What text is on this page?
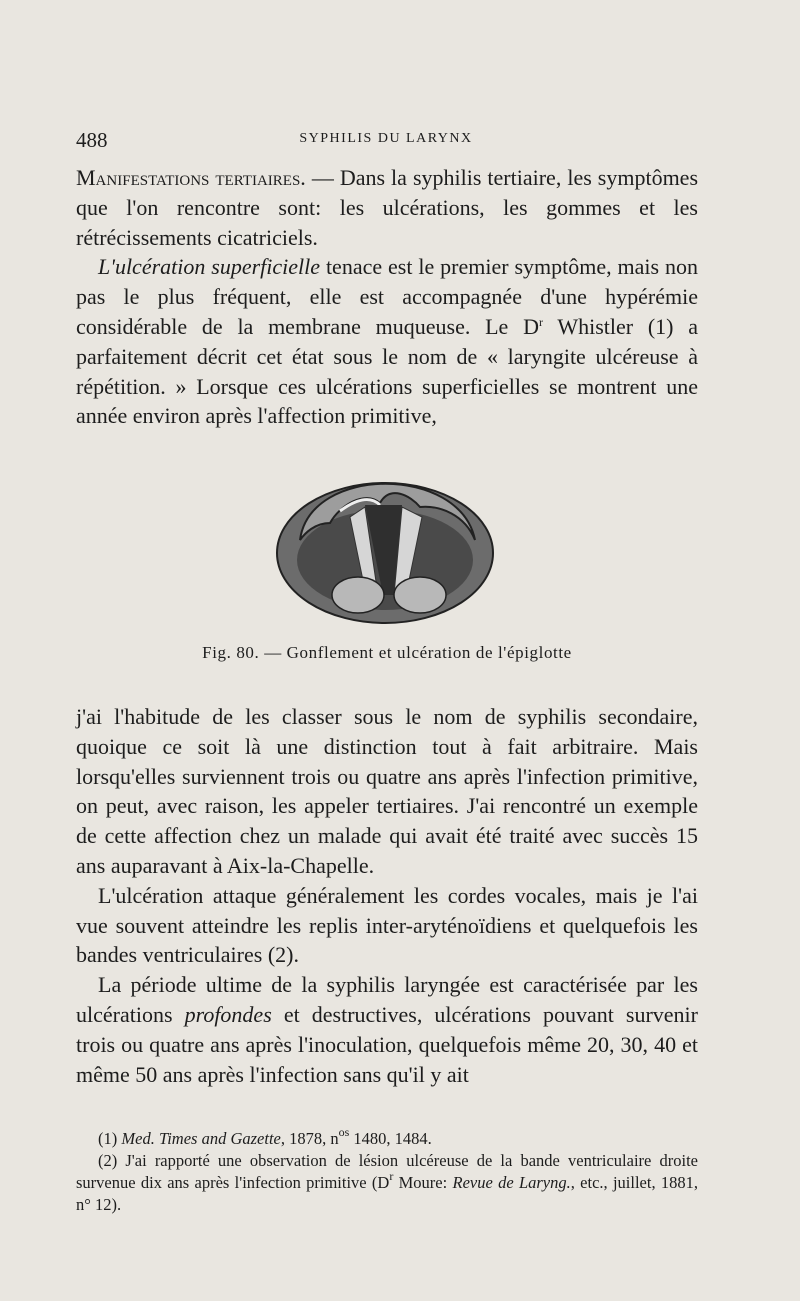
488	SYPHILIS DU LARYNX

Manifestations tertiaires. — Dans la syphilis tertiaire, les symptômes que l'on rencontre sont: les ulcérations, les gommes et les rétrécissements cicatriciels.

L'ulcération superficielle tenace est le premier symptôme, mais non pas le plus fréquent, elle est accompagnée d'une hypérémie considérable de la membrane muqueuse. Le $D^r$ Whistler (1) a parfaitement décrit cet état sous le nom de « laryngite ulcéreuse à répétition. » Lorsque ces ulcérations superficielles se montrent une année environ après l'affection primitive,

Fig. 80. — Gonflement et ulcération de l'épiglotte

j'ai l'habitude de les classer sous le nom de syphilis secondaire, quoique ce soit là une distinction tout à fait arbitraire. Mais lorsqu'elles surviennent trois ou quatre ans après l'infection primitive, on peut, avec raison, les appeler tertiaires. J'ai rencontré un exemple de cette affection chez un malade qui avait été traité avec succès 15 ans auparavant à Aix-la-Chapelle.

L'ulcération attaque généralement les cordes vocales, mais je l'ai vue souvent atteindre les replis inter-aryténoïdiens et quelquefois les bandes ventriculaires (2).

La période ultime de la syphilis laryngée est caractérisée par les ulcérations profondes et destructives, ulcérations pouvant survenir trois ou quatre ans après l'inoculation, quelquefois même 20, 30, 40 et même 50 ans après l'infection sans qu'il y ait

(1) Med. Times and Gazette, 1878, $n^{os}$ 1480, 1484.

(2) J'ai rapporté une observation de lésion ulcéreuse de la bande ventriculaire droite survenue dix ans après l'infection primitive ($D^r$ Moure: Revue de Laryng., etc., juillet, 1881, n° 12).
